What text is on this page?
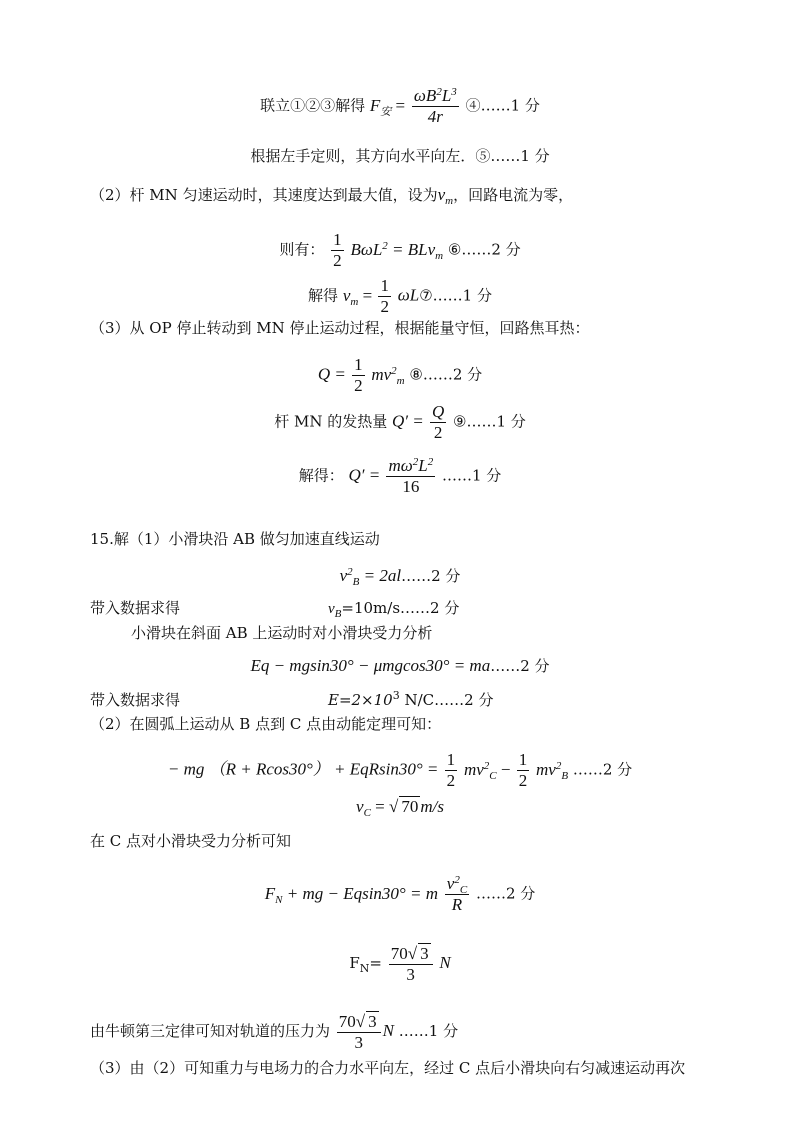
联立①②③解得 $F_安 = \frac{\omega B^2L^3}{4r}$ ④……1 分
根据左手定则，其方向水平向左．⑤……1 分
（2）杆 MN 匀速运动时，其速度达到最大值，设为$v_m$，回路电流为零，
则有： $\frac{1}{2} B\omega L^2 = BLv_m$ ⑥……2 分
解得 $v_m = \frac{1}{2}$ ωL⑦……1 分
（3）从 OP 停止转动到 MN 停止运动过程，根据能量守恒，回路焦耳热：
$Q = \frac{1}{2} mv^2_m$ ⑧……2 分
杆 MN 的发热量 $Q' = \frac{Q}{2}$ ⑨……1 分
解得： $Q' = \frac{m\omega^2L^2}{16}$ ……1 分
15.解（1）小滑块沿 AB 做匀加速直线运动
$v^2_B$ = 2al……2 分
带入数据求得	$v_B=10m/s\dots\dots 2$ 分
小滑块在斜面 AB 上运动时对小滑块受力分析
Eq − mgsin30° − μmgcos30° = ma……2 分
带入数据求得	$E=2\times 10^3$ N/C……2 分
（2）在圆弧上运动从 B 点到 C 点由动能定理可知：
− mg $(R + Rcos30^\circ) + EqRsin30^\circ = \frac{1}{2} mv^2_C - \frac{1}{2} mv^2_B$ ……2 分
$v_C$ = √ 70 m/s
在 C 点对小滑块受力分析可知
$F_N$ + mg − Eqsin30° = m $\frac{v^2_C}{R}$ ……2 分
$F_N= \frac{70√ 3}{3}$ N
由牛顿第三定律可知对轨道的压力为 $\frac{70√ 3}{3}$ N ……1 分
（3）由（2）可知重力与电场力的合力水平向左，经过 C 点后小滑块向右匀减速运动再次
